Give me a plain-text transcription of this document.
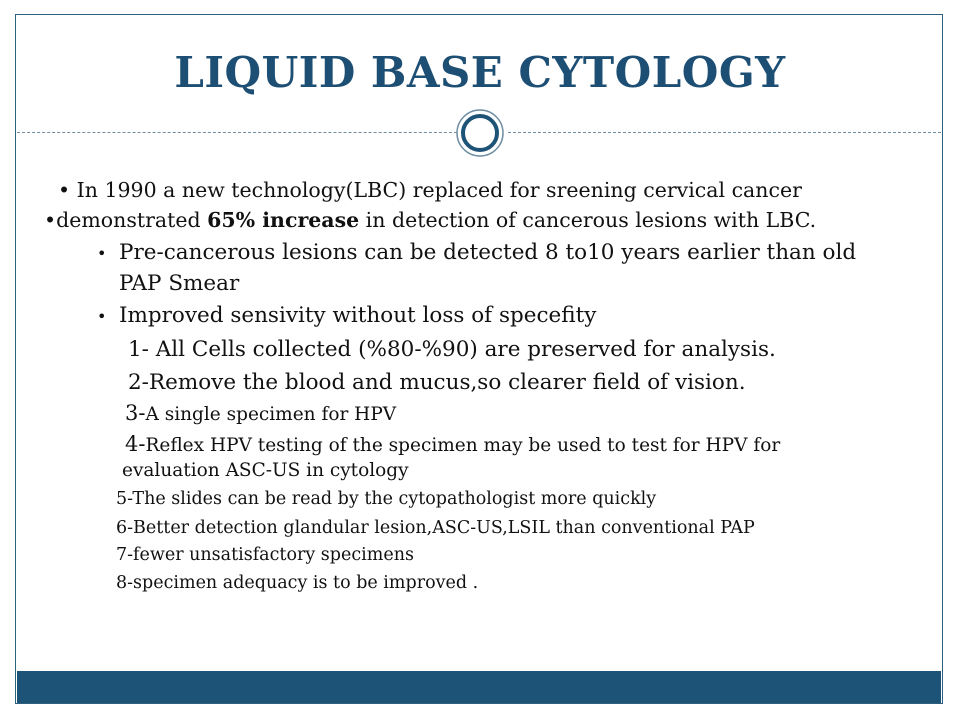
LIQUID BASE CYTOLOGY
• In 1990 a new technology(LBC) replaced for sreening cervical cancer
•demonstrated 65% increase in detection of cancerous lesions with LBC.
• Pre-cancerous lesions can be detected 8 to10 years earlier than old
PAP Smear
• Improved sensivity without loss of specefity
1- All Cells collected (%80-%90) are preserved for analysis.
2-Remove the blood and mucus,so clearer field of vision.
3-A single specimen for HPV
4-Reflex HPV testing of the specimen may be used to test for HPV for
evaluation ASC-US in cytology
5-The slides can be read by the cytopathologist more quickly
6-Better detection glandular lesion,ASC-US,LSIL than conventional PAP
7-fewer unsatisfactory specimens
8-specimen adequacy is to be improved .
